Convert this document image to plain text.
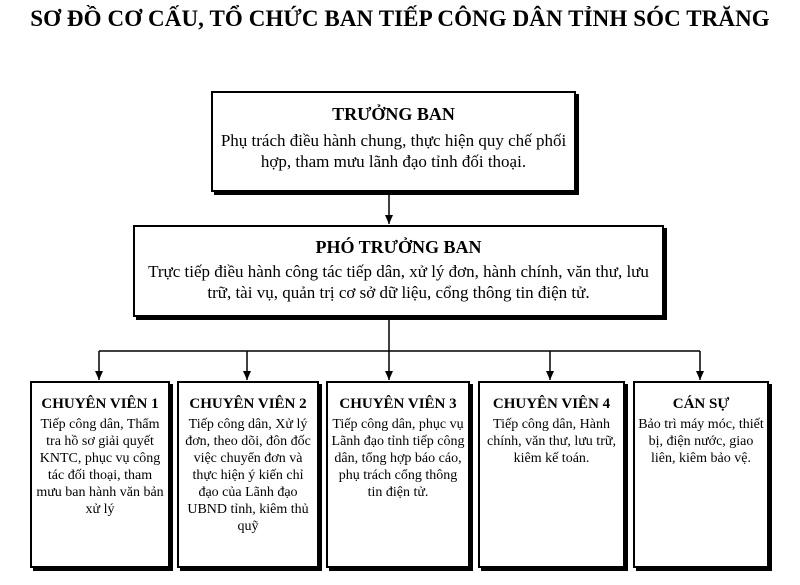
SƠ ĐỒ CƠ CẤU, TỔ CHỨC BAN TIẾP CÔNG DÂN TỈNH SÓC TRĂNG
TRƯỞNG BAN
Phụ trách điều hành chung, thực hiện quy chế phối hợp, tham mưu lãnh đạo tỉnh đối thoại.
PHÓ TRƯỞNG BAN
Trực tiếp điều hành công tác tiếp dân, xử lý đơn, hành chính, văn thư, lưu trữ, tài vụ, quản trị cơ sở dữ liệu, cổng thông tin điện tử.
CHUYÊN VIÊN 1
Tiếp công dân, Thẩm tra hồ sơ giải quyết KNTC, phục vụ công tác đối thoại, tham mưu ban hành văn bản xử lý
CHUYÊN VIÊN 2
Tiếp công dân, Xử lý đơn, theo dõi, đôn đốc việc chuyển đơn và thực hiện ý kiến chỉ đạo của Lãnh đạo UBND tỉnh, kiêm thủ quỹ
CHUYÊN VIÊN 3
Tiếp công dân, phục vụ Lãnh đạo tỉnh tiếp công dân, tổng hợp báo cáo, phụ trách cổng thông tin điện tử.
CHUYÊN VIÊN 4
Tiếp công dân, Hành chính, văn thư, lưu trữ, kiêm kế toán.
CÁN SỰ
Bảo trì máy móc, thiết bị, điện nước, giao liên, kiêm bảo vệ.
